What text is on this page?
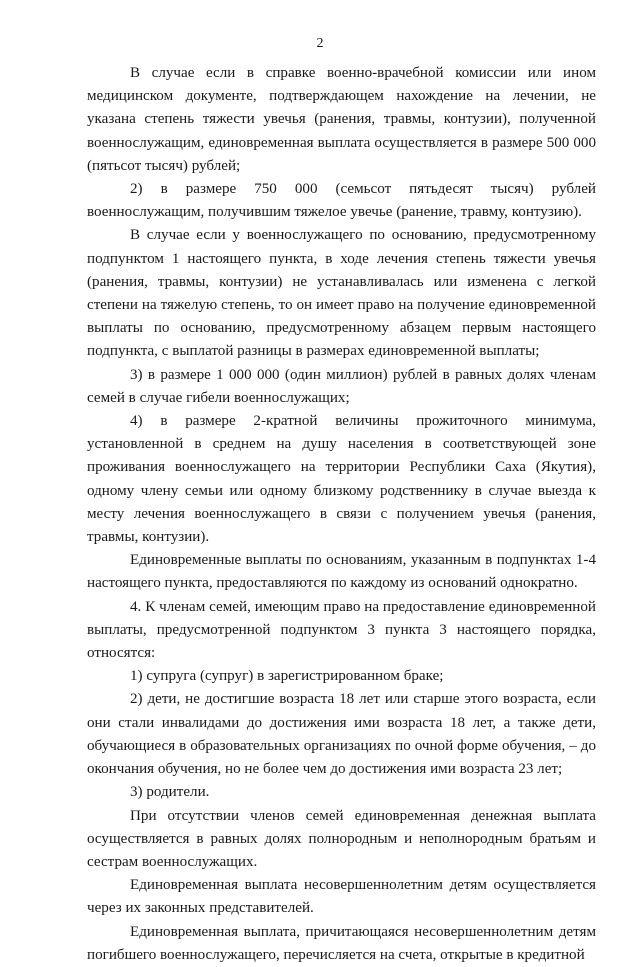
2

В случае если в справке военно-врачебной комиссии или ином медицинском документе, подтверждающем нахождение на лечении, не указана степень тяжести увечья (ранения, травмы, контузии), полученной военнослужащим, единовременная выплата осуществляется в размере 500 000 (пятьсот тысяч) рублей;

2) в размере 750 000 (семьсот пятьдесят тысяч) рублей военнослужащим, получившим тяжелое увечье (ранение, травму, контузию).

В случае если у военнослужащего по основанию, предусмотренному подпунктом 1 настоящего пункта, в ходе лечения степень тяжести увечья (ранения, травмы, контузии) не устанавливалась или изменена с легкой степени на тяжелую степень, то он имеет право на получение единовременной выплаты по основанию, предусмотренному абзацем первым настоящего подпункта, с выплатой разницы в размерах единовременной выплаты;

3) в размере 1 000 000 (один миллион) рублей в равных долях членам семей в случае гибели военнослужащих;

4) в размере 2-кратной величины прожиточного минимума, установленной в среднем на душу населения в соответствующей зоне проживания военнослужащего на территории Республики Саха (Якутия), одному члену семьи или одному близкому родственнику в случае выезда к месту лечения военнослужащего в связи с получением увечья (ранения, травмы, контузии).

Единовременные выплаты по основаниям, указанным в подпунктах 1-4 настоящего пункта, предоставляются по каждому из оснований однократно.

4. К членам семей, имеющим право на предоставление единовременной выплаты, предусмотренной подпунктом 3 пункта 3 настоящего порядка, относятся:

1) супруга (супруг) в зарегистрированном браке;

2) дети, не достигшие возраста 18 лет или старше этого возраста, если они стали инвалидами до достижения ими возраста 18 лет, а также дети, обучающиеся в образовательных организациях по очной форме обучения, – до окончания обучения, но не более чем до достижения ими возраста 23 лет;

3) родители.

При отсутствии членов семей единовременная денежная выплата осуществляется в равных долях полнородным и неполнородным братьям и сестрам военнослужащих.

Единовременная выплата несовершеннолетним детям осуществляется через их законных представителей.

Единовременная выплата, причитающаяся несовершеннолетним детям погибшего военнослужащего, перечисляется на счета, открытые в кредитной
